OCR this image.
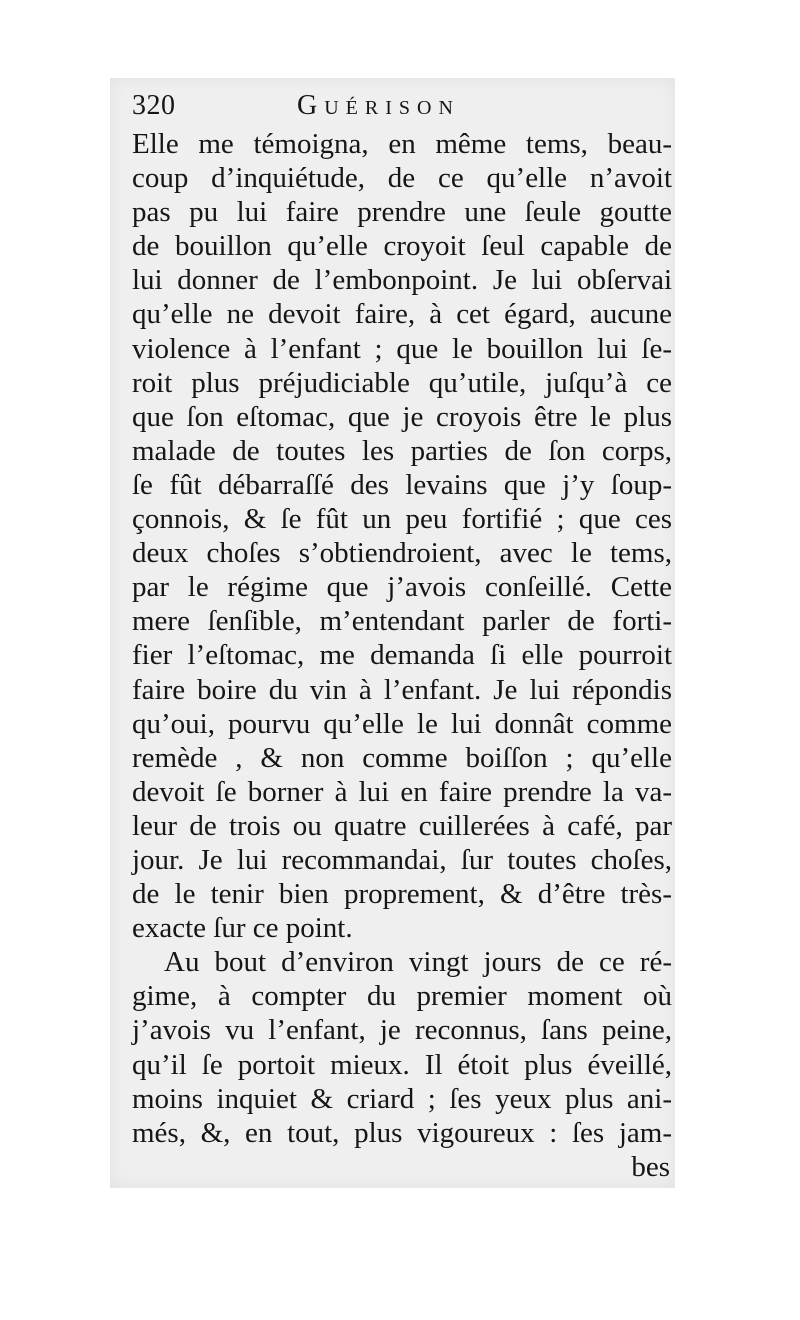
320	Guérison
Elle me témoigna, en même tems, beau-
coup d’inquiétude, de ce qu’elle n’avoit
pas pu lui faire prendre une ſeule goutte
de bouillon qu’elle croyoit ſeul capable de
lui donner de l’embonpoint. Je lui obſervai
qu’elle ne devoit faire, à cet égard, aucune
violence à l’enfant ; que le bouillon lui ſe-
roit plus préjudiciable qu’utile, juſqu’à ce
que ſon eſtomac, que je croyois être le plus
malade de toutes les parties de ſon corps,
ſe fût débarraſſé des levains que j’y ſoup-
çonnois, & ſe fût un peu fortifié ; que ces
deux choſes s’obtiendroient, avec le tems,
par le régime que j’avois conſeillé. Cette
mere ſenſible, m’entendant parler de forti-
fier l’eſtomac, me demanda ſi elle pourroit
faire boire du vin à l’enfant. Je lui répondis
qu’oui, pourvu qu’elle le lui donnât comme
remède , & non comme boiſſon ; qu’elle
devoit ſe borner à lui en faire prendre la va-
leur de trois ou quatre cuillerées à café, par
jour. Je lui recommandai, ſur toutes choſes,
de le tenir bien proprement, & d’être très-
exacte ſur ce point.
Au bout d’environ vingt jours de ce ré-
gime, à compter du premier moment où
j’avois vu l’enfant, je reconnus, ſans peine,
qu’il ſe portoit mieux. Il étoit plus éveillé,
moins inquiet & criard ; ſes yeux plus ani-
més, &, en tout, plus vigoureux : ſes jam-
bes
